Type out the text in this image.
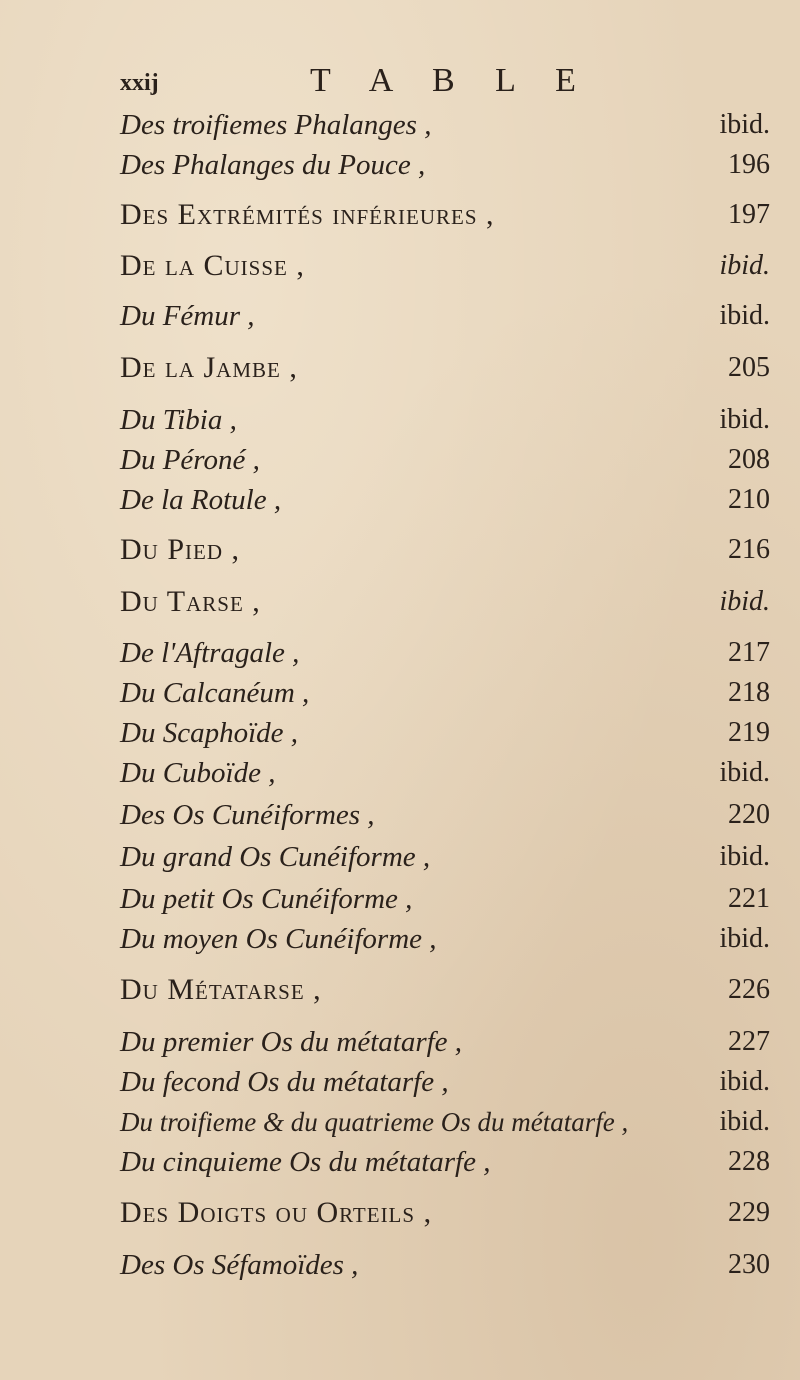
xxij	T A B L E
Des troifiemes Phalanges ,	ibid.
Des Phalanges du Pouce ,	196
Des Extrémités inférieures ,	197
De la Cuisse ,	ibid.
Du Fémur ,	ibid.
De la Jambe ,	205
Du Tibia ,	ibid.
Du Péroné ,	208
De la Rotule ,	210
Du Pied ,	216
Du Tarse ,	ibid.
De l'Aftragale ,	217
Du Calcanéum ,	218
Du Scaphoïde ,	219
Du Cuboïde ,	ibid.
Des Os Cunéiformes ,	220
Du grand Os Cunéiforme ,	ibid.
Du petit Os Cunéiforme ,	221
Du moyen Os Cunéiforme ,	ibid.
Du Métatarse ,	226
Du premier Os du métatarfe ,	227
Du fecond Os du métatarfe ,	ibid.
Du troifieme & du quatrieme Os du métatarfe ,	ibid.
Du cinquieme Os du métatarfe ,	228
Des Doigts ou Orteils ,	229
Des Os Séfamoïdes ,	230
